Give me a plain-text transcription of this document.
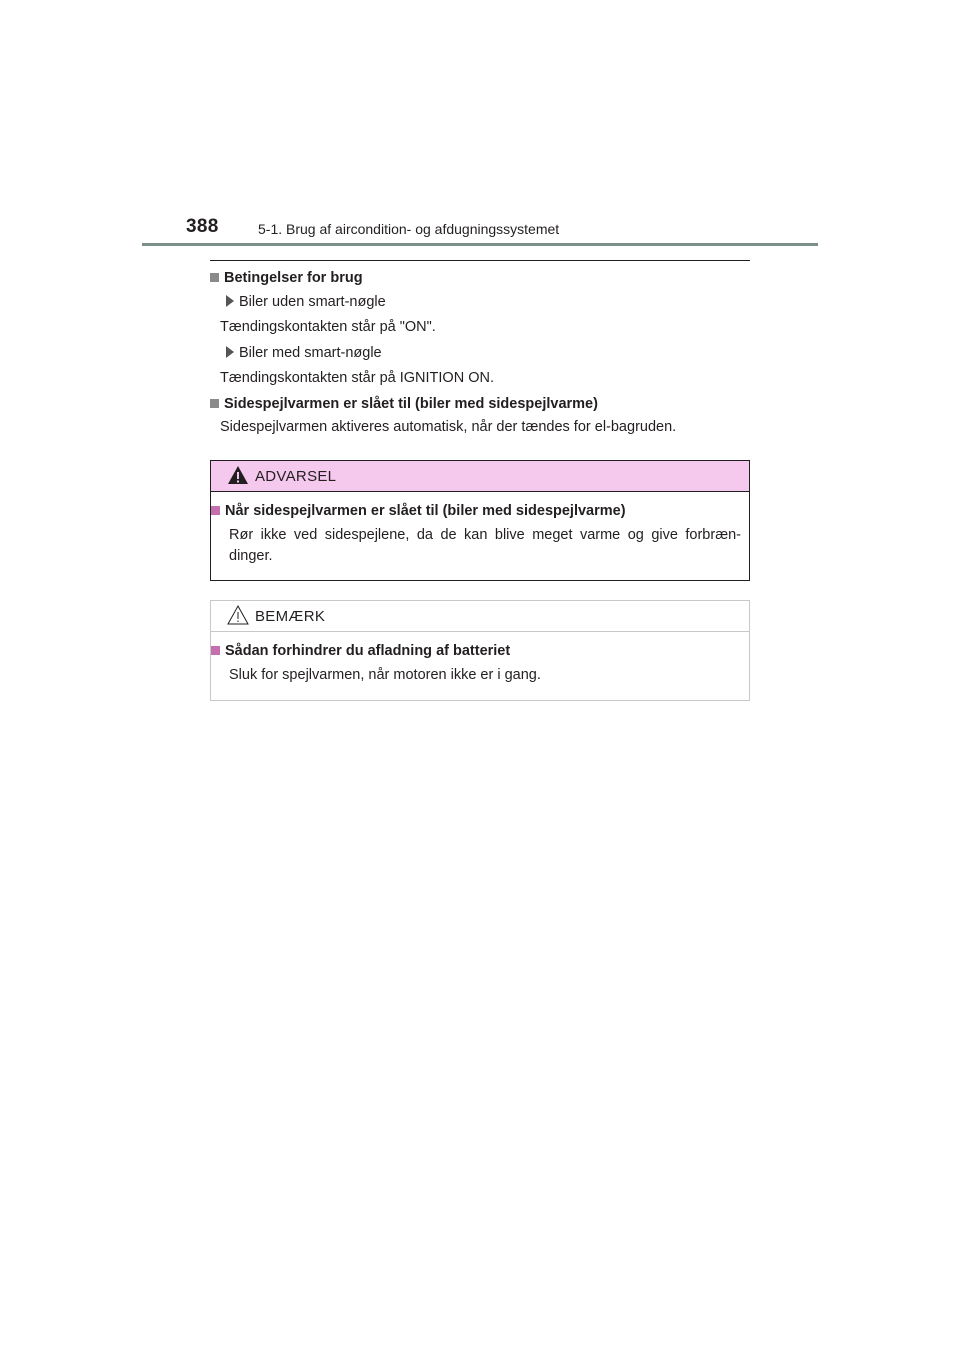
388	5-1. Brug af aircondition- og afdugningssystemet
Betingelser for brug
Biler uden smart-nøgle
Tændingskontakten står på "ON".
Biler med smart-nøgle
Tændingskontakten står på IGNITION ON.
Sidespejlvarmen er slået til (biler med sidespejlvarme)
Sidespejlvarmen aktiveres automatisk, når der tændes for el-bagruden.
ADVARSEL
Når sidespejlvarmen er slået til (biler med sidespejlvarme)
Rør ikke ved sidespejlene, da de kan blive meget varme og give forbræn-dinger.
BEMÆRK
Sådan forhindrer du afladning af batteriet
Sluk for spejlvarmen, når motoren ikke er i gang.
